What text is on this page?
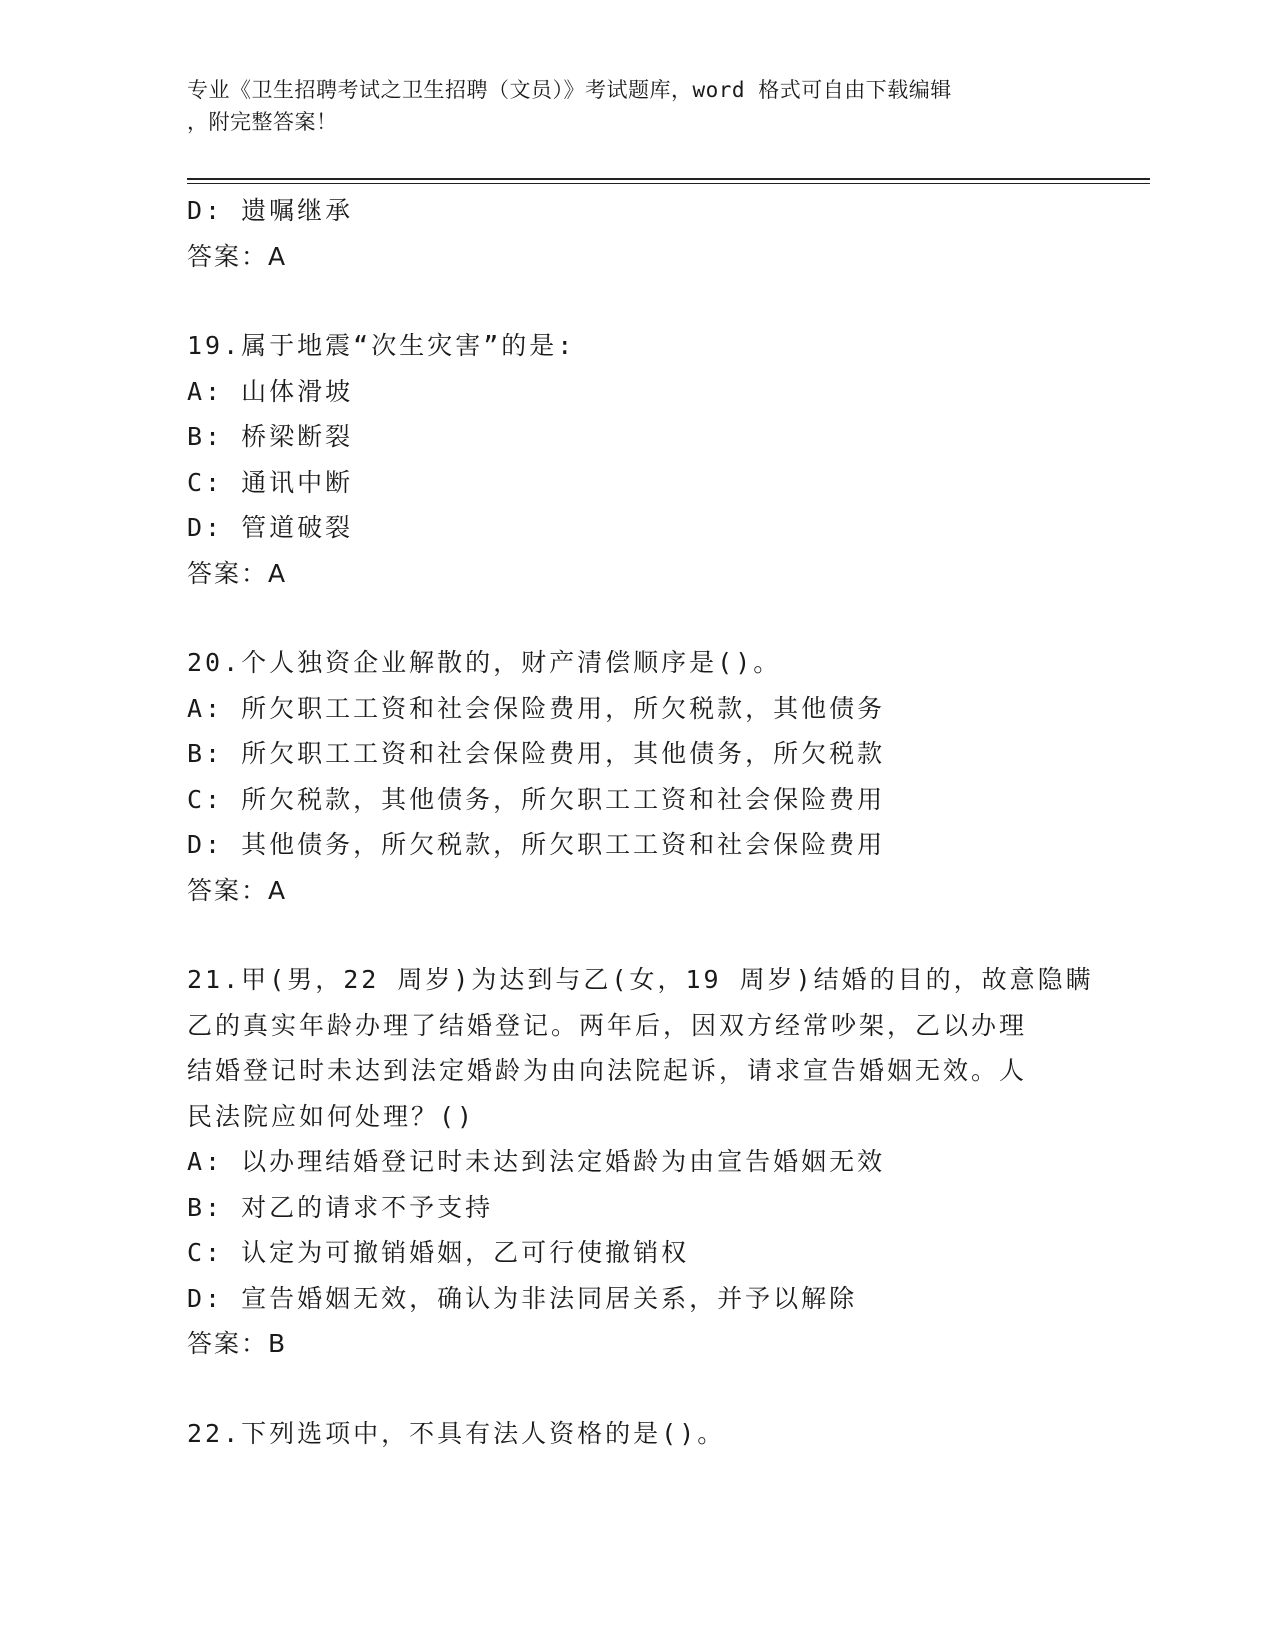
专业《卫生招聘考试之卫生招聘（文员）》考试题库，word 格式可自由下载编辑
，附完整答案！
D: 遗嘱继承
答案：A
19.属于地震“次生灾害”的是:
A: 山体滑坡
B: 桥梁断裂
C: 通讯中断
D: 管道破裂
答案：A
20.个人独资企业解散的，财产清偿顺序是()。
A: 所欠职工工资和社会保险费用，所欠税款，其他债务
B: 所欠职工工资和社会保险费用，其他债务，所欠税款
C: 所欠税款，其他债务，所欠职工工资和社会保险费用
D: 其他债务，所欠税款，所欠职工工资和社会保险费用
答案：A
21.甲(男，22 周岁)为达到与乙(女，19 周岁)结婚的目的，故意隐瞒
乙的真实年龄办理了结婚登记。两年后，因双方经常吵架，乙以办理
结婚登记时未达到法定婚龄为由向法院起诉，请求宣告婚姻无效。人
民法院应如何处理？()
A: 以办理结婚登记时未达到法定婚龄为由宣告婚姻无效
B: 对乙的请求不予支持
C: 认定为可撤销婚姻，乙可行使撤销权
D: 宣告婚姻无效，确认为非法同居关系，并予以解除
答案：B
22.下列选项中，不具有法人资格的是()。
